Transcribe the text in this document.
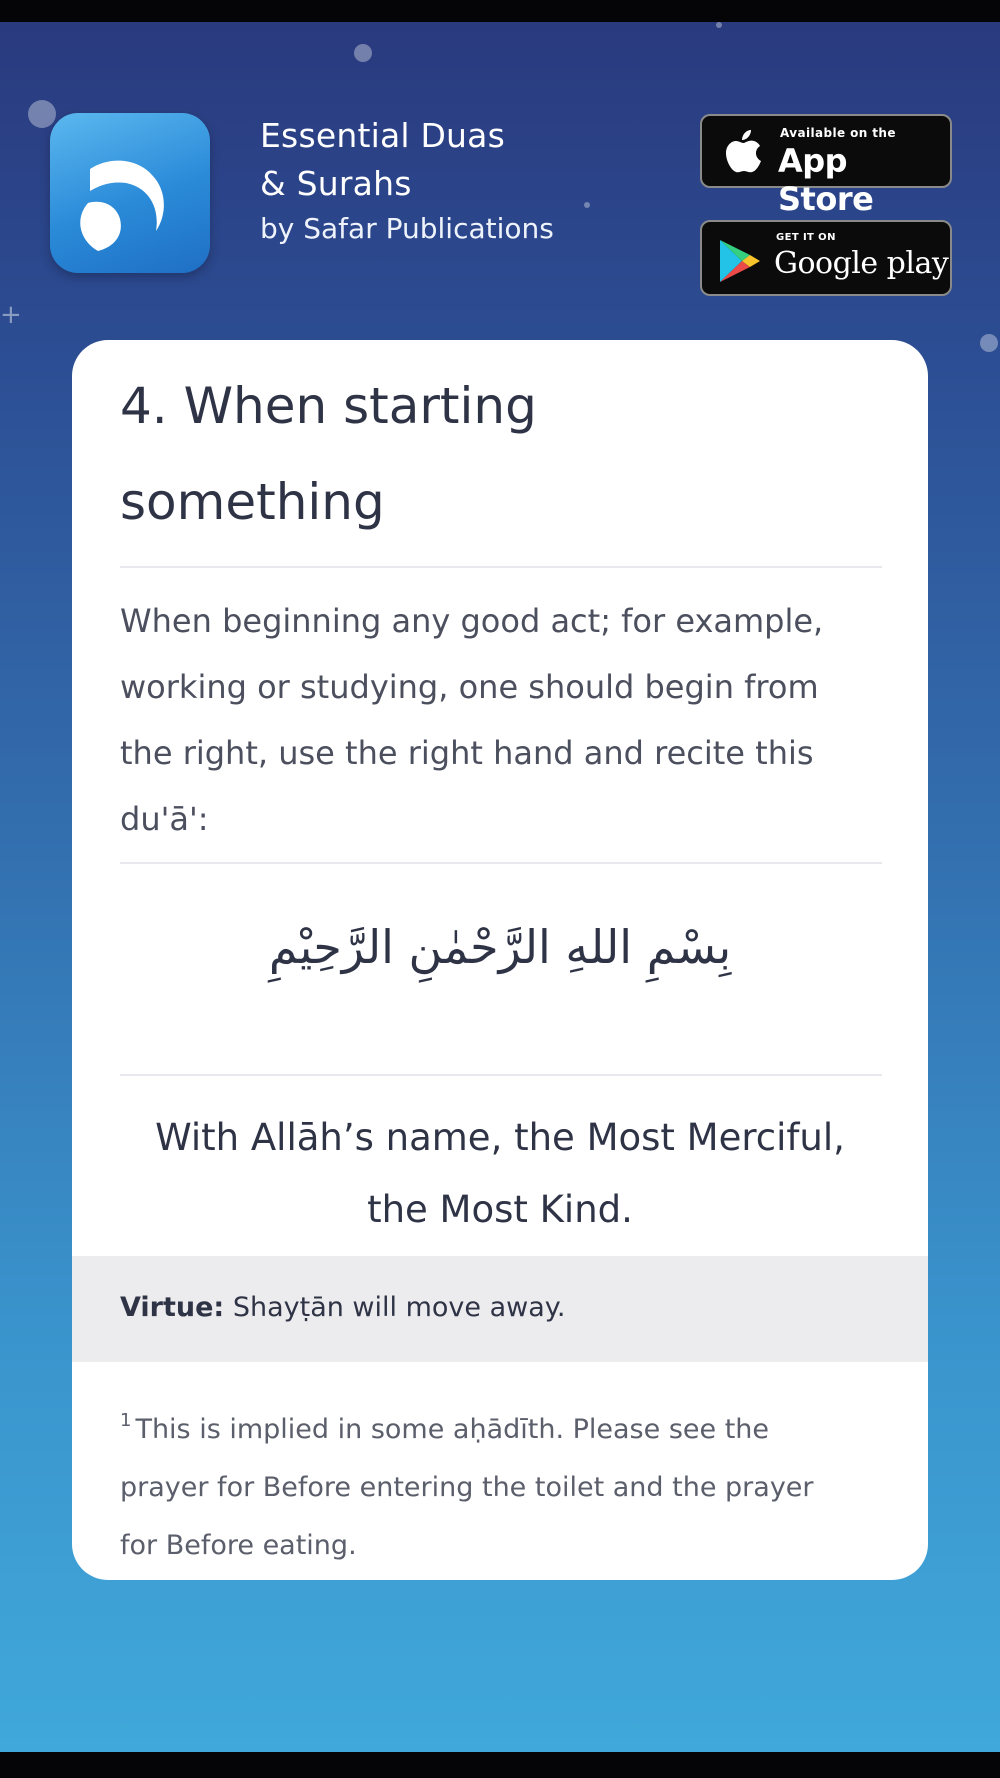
+
Essential Duas
& Surahs
by Safar Publications
Available on the
App Store
GET IT ON
Google play
4. When starting
something
When beginning any good act; for example,
working or studying, one should begin from
the right, use the right hand and recite this
du'ā':
بِسْمِ اللهِ الرَّحْمٰنِ الرَّحِيْمِ
With Allāh’s name, the Most Merciful,
the Most Kind.
Virtue: Shayṭān will move away.
$^1$ This is implied in some aḥādīth. Please see the
prayer for Before entering the toilet and the prayer
for Before eating.
